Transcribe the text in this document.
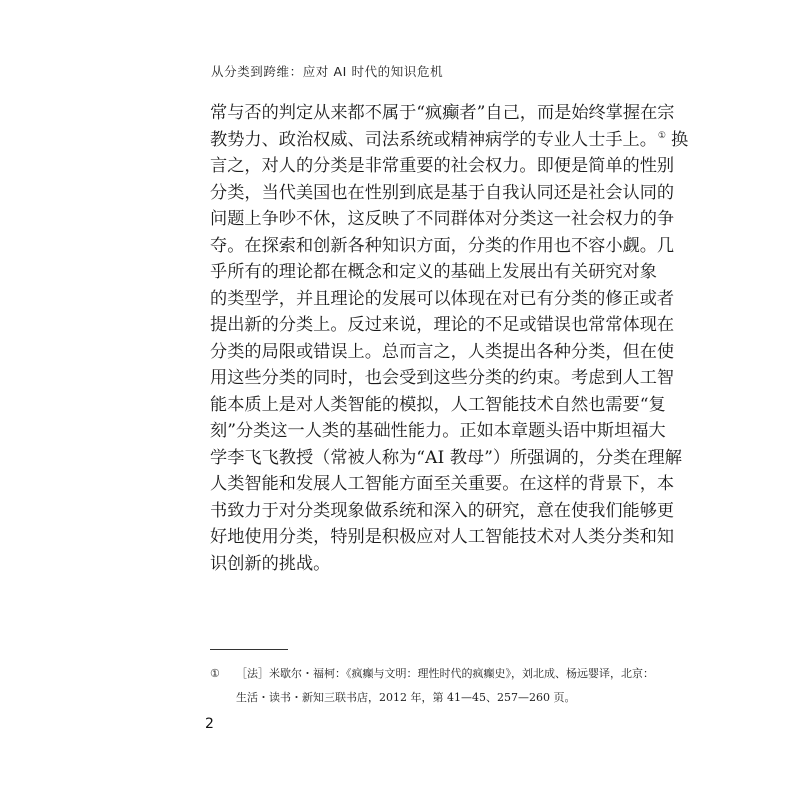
从分类到跨维：应对 AI 时代的知识危机
常与否的判定从来都不属于“疯癫者”自己，而是始终掌握在宗
教势力、政治权威、司法系统或精神病学的专业人士手上。① 换
言之，对人的分类是非常重要的社会权力。即便是简单的性别
分类，当代美国也在性别到底是基于自我认同还是社会认同的
问题上争吵不休，这反映了不同群体对分类这一社会权力的争
夺。在探索和创新各种知识方面，分类的作用也不容小觑。几
乎所有的理论都在概念和定义的基础上发展出有关研究对象
的类型学，并且理论的发展可以体现在对已有分类的修正或者
提出新的分类上。反过来说，理论的不足或错误也常常体现在
分类的局限或错误上。总而言之，人类提出各种分类，但在使
用这些分类的同时，也会受到这些分类的约束。考虑到人工智
能本质上是对人类智能的模拟，人工智能技术自然也需要“复
刻”分类这一人类的基础性能力。正如本章题头语中斯坦福大
学李飞飞教授（常被人称为“AI 教母”）所强调的，分类在理解
人类智能和发展人工智能方面至关重要。在这样的背景下，本
书致力于对分类现象做系统和深入的研究，意在使我们能够更
好地使用分类，特别是积极应对人工智能技术对人类分类和知
识创新的挑战。
① ［法］米歇尔・福柯：《疯癫与文明：理性时代的疯癫史》，刘北成、杨远婴译，北京：
生活・读书・新知三联书店，2012 年，第 41—45、257—260 页。
2
